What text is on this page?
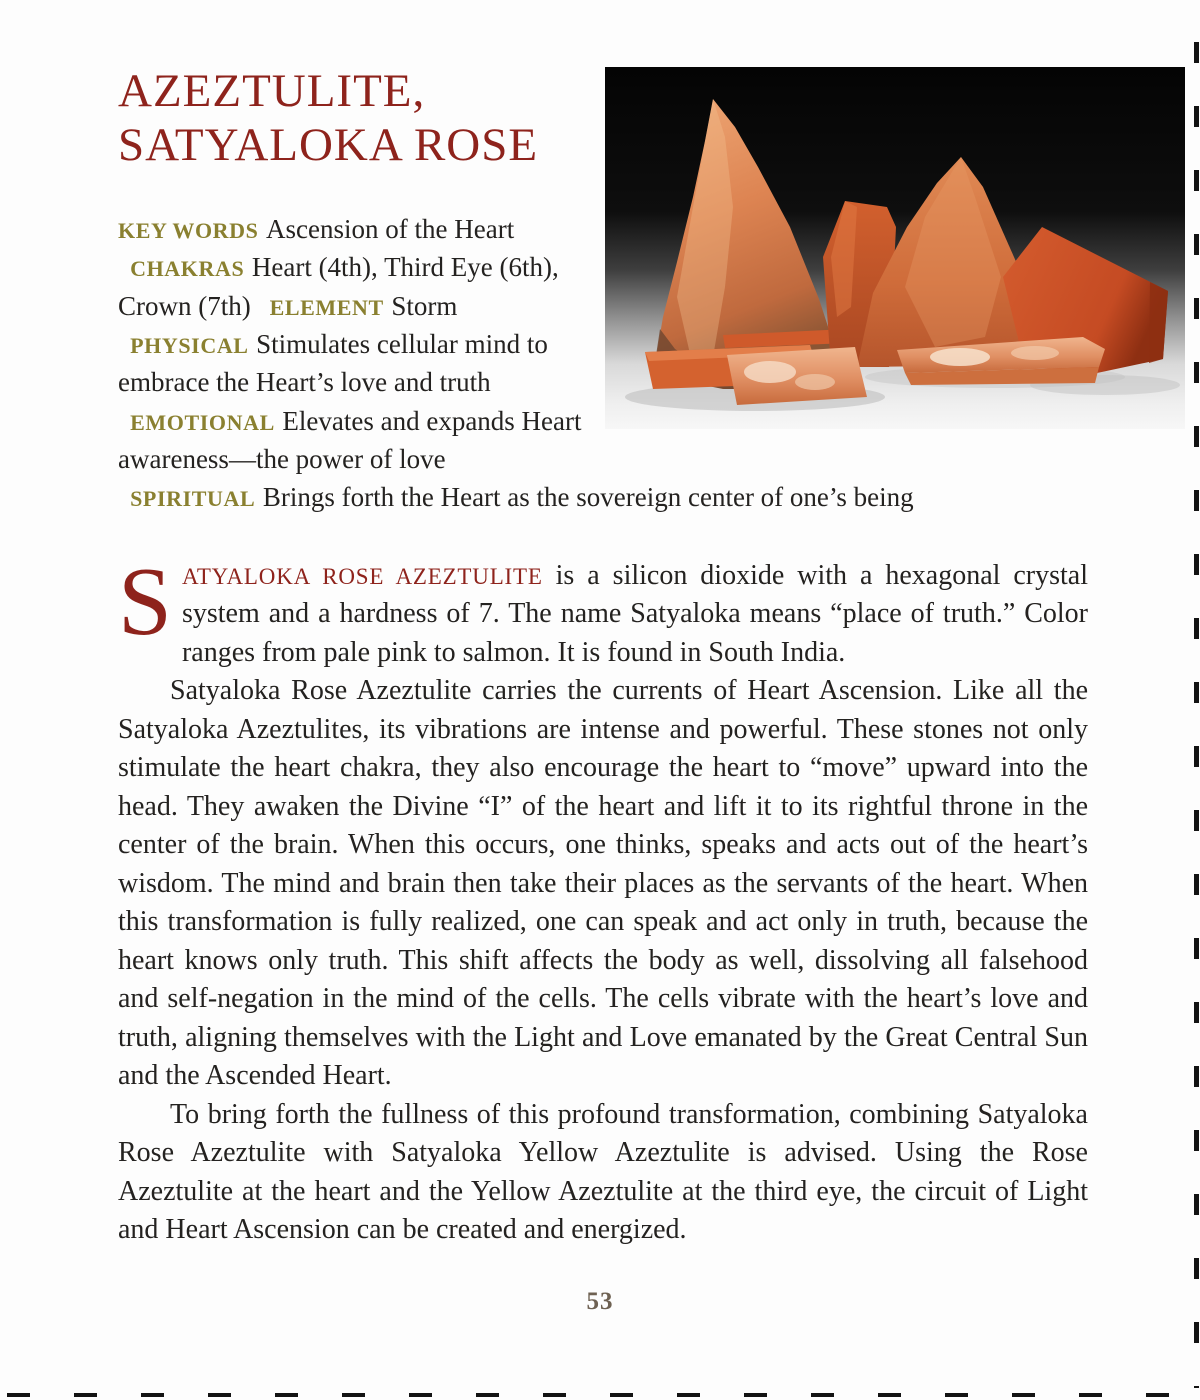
AZEZTULITE,
SATYALOKA ROSE

KEY WORDS Ascension of the Heart CHAKRAS Heart (4th), Third Eye (6th), Crown (7th) ELEMENT Storm PHYSICAL Stimulates cellular mind to embrace the Heart’s love and truth EMOTIONAL Elevates and expands Heart awareness—the power of love SPIRITUAL Brings forth the Heart as the sovereign center of one’s being

SATYALOKA ROSE AZEZTULITE is a silicon dioxide with a hexagonal crystal system and a hardness of 7. The name Satyaloka means “place of truth.” Color ranges from pale pink to salmon. It is found in South India.

Satyaloka Rose Azeztulite carries the currents of Heart Ascension. Like all the Satyaloka Azeztulites, its vibrations are intense and powerful. These stones not only stimulate the heart chakra, they also encourage the heart to “move” upward into the head. They awaken the Divine “I” of the heart and lift it to its rightful throne in the center of the brain. When this occurs, one thinks, speaks and acts out of the heart’s wisdom. The mind and brain then take their places as the servants of the heart. When this transformation is fully realized, one can speak and act only in truth, because the heart knows only truth. This shift affects the body as well, dissolving all falsehood and self-negation in the mind of the cells. The cells vibrate with the heart’s love and truth, aligning themselves with the Light and Love emanated by the Great Central Sun and the Ascended Heart.

To bring forth the fullness of this profound transformation, combining Satyaloka Rose Azeztulite with Satyaloka Yellow Azeztulite is advised. Using the Rose Azeztulite at the heart and the Yellow Azeztulite at the third eye, the circuit of Light and Heart Ascension can be created and energized.

53
